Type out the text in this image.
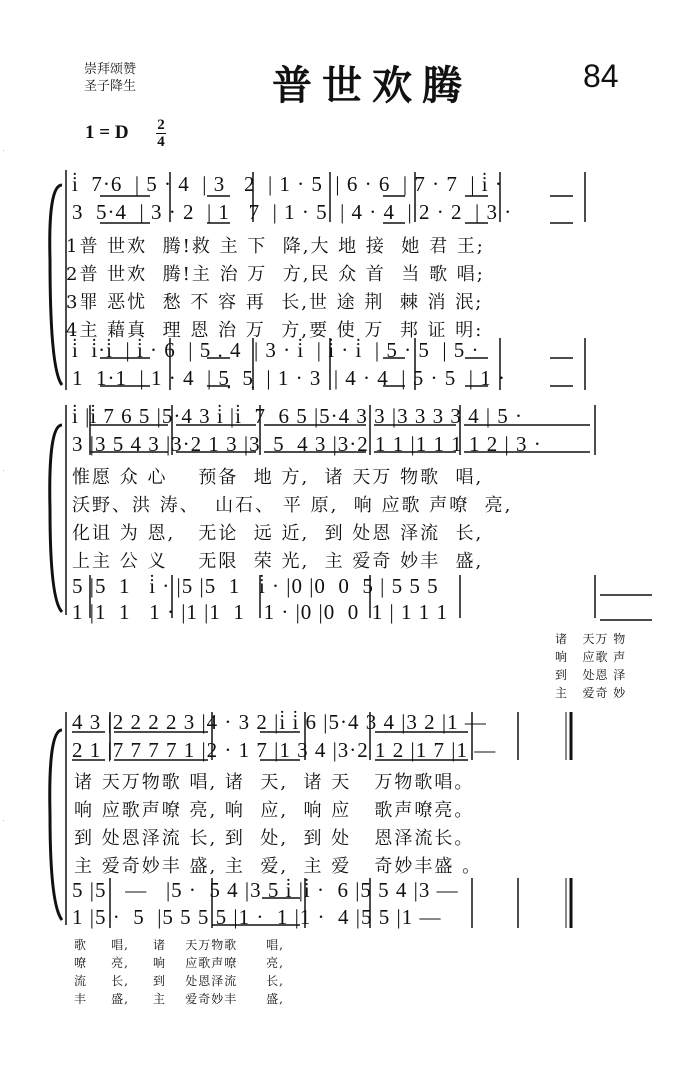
崇拜颂赞
圣子降生	普世欢腾	84
1 = D 2
4
i̇  7·6  | 5 · 4  | 3   2  | 1 · 5  | 6 · 6  | 7 · 7  | i̇ ·
3  5·4  | 3 · 2  | 1   7  | 1 · 5  | 4 · 4  | 2 · 2  | 3 ·
1普 世欢  腾!救 主 下  降,大 地 接  她 君 王;
2普 世欢  腾!主 治 万  方,民 众 首  当 歌 唱;
3罪 恶忧  愁 不 容 再  长,世 途 荆  棘 消 泯;
4主 藉真  理 恩 治 万  方,要 使 万  邦 证 明:
i̇  i̇·i̇  | i̇ · 6  | 5 . 4  | 3 · i̇  | i̇ · i̇  | 5 · 5  | 5 ·
1  1·1  | 1 · 4  | 5̣  5̣  | 1 · 3  | 4 · 4  | 5 · 5  | 1 ·
i̇ |i̇ 7 6 5 |5·4 3 i̇ |i̇  7  6 5 |5·4 3 3 |3 3 3 3 4 | 5 ·
3 |3 5 4 3 |3·2 1 3 |3  5  4 3 |3·2 1 1 |1 1 1 1 2 | 3 ·
惟愿 众 心    预备  地 方,  诸 天万 物歌  唱,
沃野、洪 涛、  山石、 平 原,  响 应歌 声嘹  亮,
化诅 为 恩,   无论  远 近,  到 处恩 泽流  长,
上主 公 义    无限  荣 光,  主 爱奇 妙丰  盛,
5 |5  1   i̇ · |5 |5  1   i̇ · |0 |0  0  5 | 5 5 5
1 |1  1   1 · |1 |1  1   1 · |0 |0  0  1 | 1 1 1
诸   天万 物
响   应歌 声
到   处恩 泽
主   爱奇 妙
4 3 |2 2 2 2 3 |4 · 3 2 |i̇ i̇ 6 |5·4 3 4 |3 2 |1 —
2 1 |7 7 7 7 1 |2 · 1 7 |1 3 4 |3·2 1 2 |1 7 |1 —
诸 天万物歌 唱, 诸  天,  诸 天   万物歌唱。
响 应歌声嘹 亮, 响  应,  响 应   歌声嘹亮。
到 处恩泽流 长, 到  处,  到 处   恩泽流长。
主 爱奇妙丰 盛, 主  爱,  主 爱   奇妙丰盛 。
5 |5   —   |5 ·  5 4 |3 5 i̇ |i̇ ·  6 |5 5 4 |3 —
1 |5 ·  5  |5 5 5 5 |1 ·  1 |1 ·  4 |5 5 |1 —
歌     唱,     诸    天万物歌      唱,
嘹     亮,     响    应歌声嘹      亮,
流     长,     到    处恩泽流      长,
丰     盛,     主    爱奇妙丰      盛,
